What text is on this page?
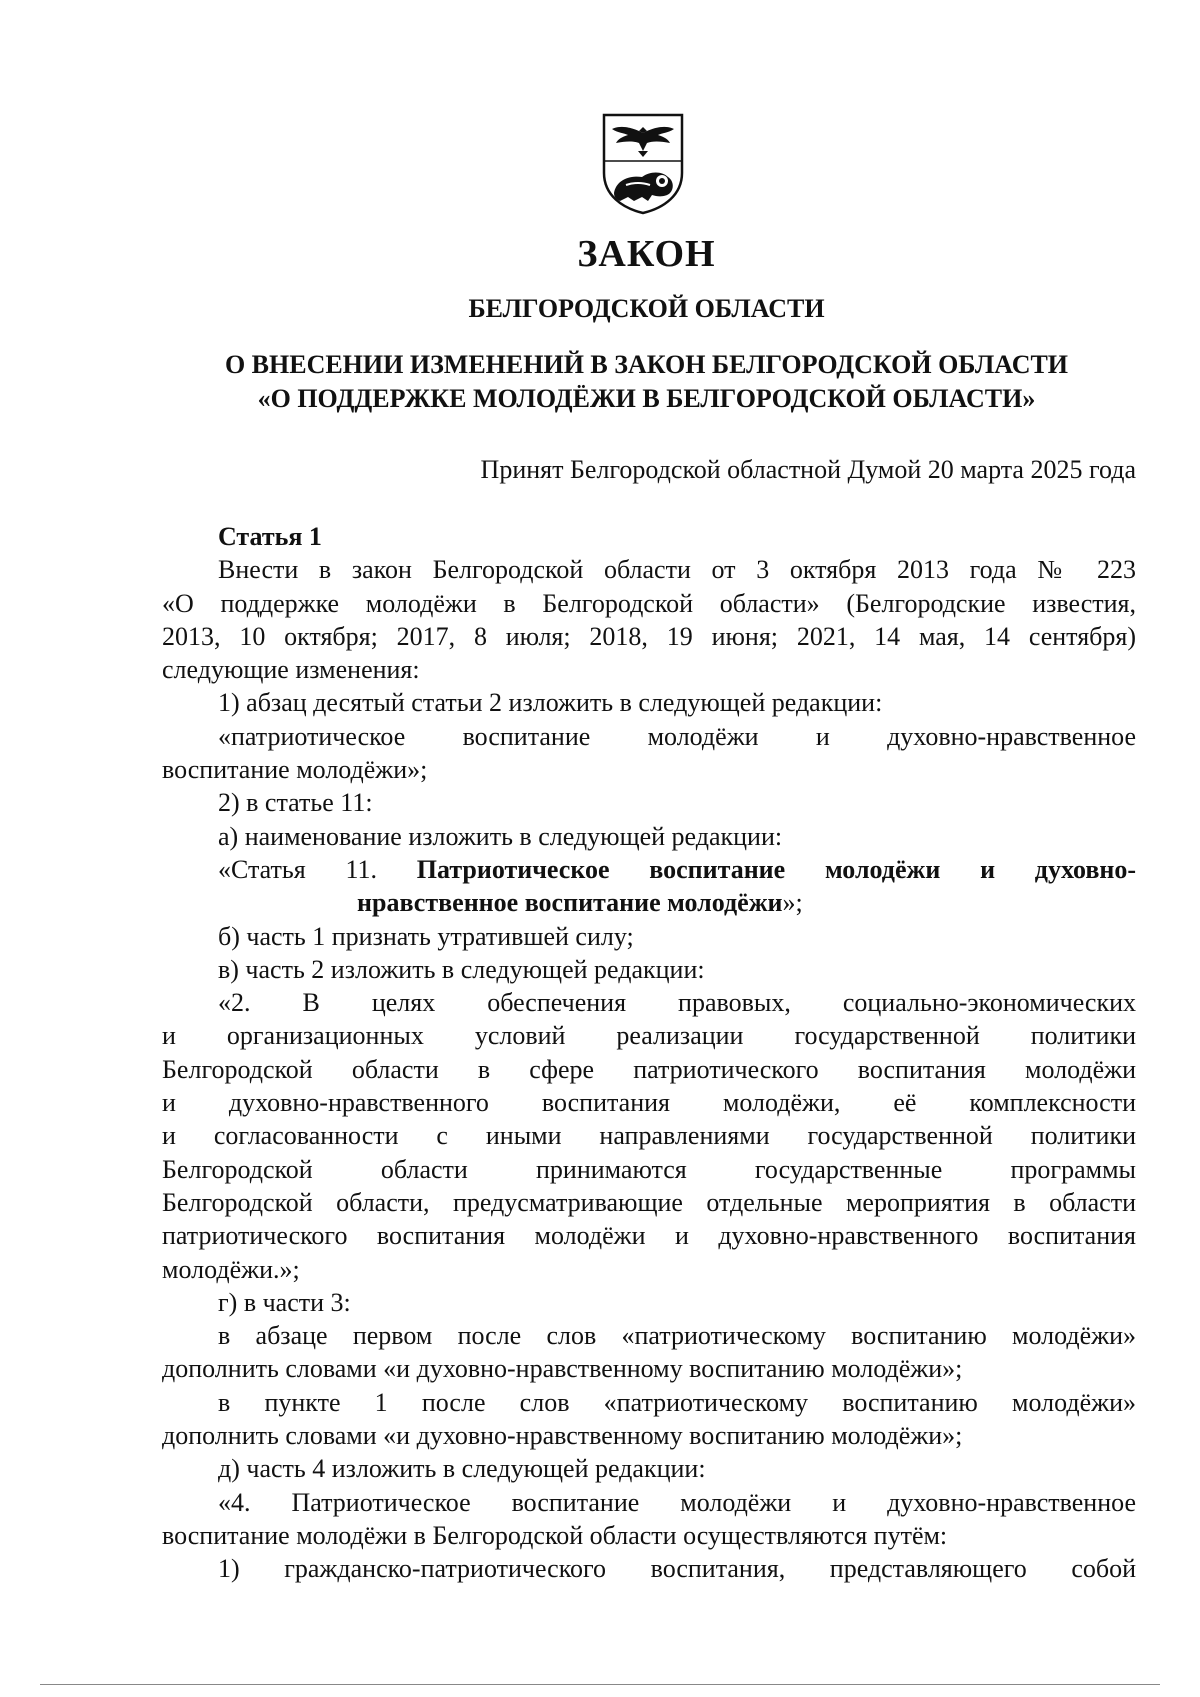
ЗАКОН
БЕЛГОРОДСКОЙ ОБЛАСТИ
О ВНЕСЕНИИ ИЗМЕНЕНИЙ В ЗАКОН БЕЛГОРОДСКОЙ ОБЛАСТИ
«О ПОДДЕРЖКЕ МОЛОДЁЖИ В БЕЛГОРОДСКОЙ ОБЛАСТИ»
Принят Белгородской областной Думой 20 марта 2025 года
Статья 1
Внести в закон Белгородской области от 3 октября 2013 года № 223
«О поддержке молодёжи в Белгородской области» (Белгородские известия,
2013, 10 октября; 2017, 8 июля; 2018, 19 июня; 2021, 14 мая, 14 сентября)
следующие изменения:
1) абзац десятый статьи 2 изложить в следующей редакции:
«патриотическое воспитание молодёжи и духовно-нравственное
воспитание молодёжи»;
2) в статье 11:
а) наименование изложить в следующей редакции:
«Статья 11. Патриотическое воспитание молодёжи и духовно-
нравственное воспитание молодёжи»;
б) часть 1 признать утратившей силу;
в) часть 2 изложить в следующей редакции:
«2. В целях обеспечения правовых, социально-экономических
и организационных условий реализации государственной политики
Белгородской области в сфере патриотического воспитания молодёжи
и духовно-нравственного воспитания молодёжи, её комплексности
и согласованности с иными направлениями государственной политики
Белгородской области принимаются государственные программы
Белгородской области, предусматривающие отдельные мероприятия в области
патриотического воспитания молодёжи и духовно-нравственного воспитания
молодёжи.»;
г) в части 3:
в абзаце первом после слов «патриотическому воспитанию молодёжи»
дополнить словами «и духовно-нравственному воспитанию молодёжи»;
в пункте 1 после слов «патриотическому воспитанию молодёжи»
дополнить словами «и духовно-нравственному воспитанию молодёжи»;
д) часть 4 изложить в следующей редакции:
«4. Патриотическое воспитание молодёжи и духовно-нравственное
воспитание молодёжи в Белгородской области осуществляются путём:
1) гражданско-патриотического воспитания, представляющего собой
